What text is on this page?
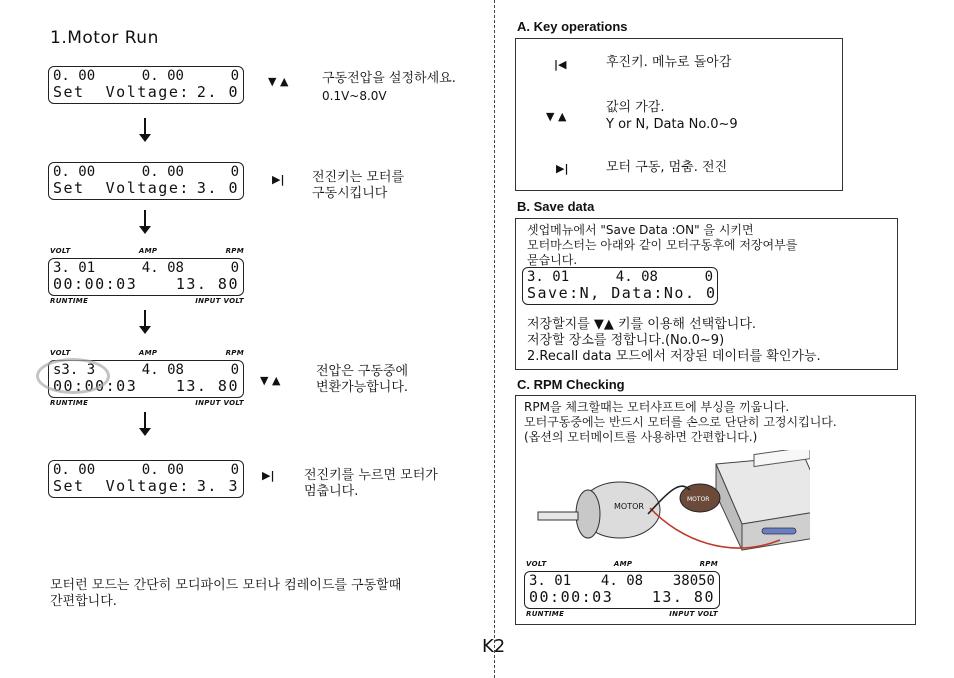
1.Motor Run
0. 00	0. 00	0
Set  Voltage: 2. 0
▼ ▲	구동전압을 설정하세요.
0.1V~8.0V
0. 00	0. 00	0
Set  Voltage: 3. 0	▶| 전진키는 모터를
구동시킵니다
VOLT	AMP	RPM
3. 01	4. 08	0
00:00:03	13. 80
RUNTIME	INPUT VOLT
VOLT	AMP	RPM
s3. 3	4. 08	0
00:00:03	13. 80
RUNTIME	INPUT VOLT
▼ ▲
전압은 구동중에
변환가능합니다.
0. 00	0. 00	0
Set  Voltage: 3. 3
▶| 전진키를 누르면 모터가
멈춥니다.
모터런 모드는 간단히 모디파이드 모터나 컴레이드를 구동할때
간편합니다.
K2
A. Key operations
|◀	후진키. 메뉴로 돌아감
▼ ▲
값의 가감.
Y or N, Data No.0~9
▶|	모터 구동, 멈춤. 전진
B. Save data
셋업메뉴에서 "Save Data :ON" 을 시키면
모터마스터는 아래와 같이 모터구동후에 저장여부를
묻습니다.
3. 01	4. 08	0
Save:N, Data:No. 0
저장할지를 ▼▲ 키를 이용해 선택합니다.
저장할 장소를 정합니다.(No.0~9)
2.Recall data 모드에서 저장된 데이터를 확인가능.
C. RPM Checking
RPM을 체크할때는 모터샤프트에 부싱을 끼웁니다.
모터구동중에는 반드시 모터를 손으로 단단히 고정시킵니다.
(옵션의 모터메이트를 사용하면 간편합니다.)
MOTOR
MOTOR
VOLT	AMP	RPM
3. 01 4. 08 38050
00:00:03	13. 80
RUNTIME	INPUT VOLT
